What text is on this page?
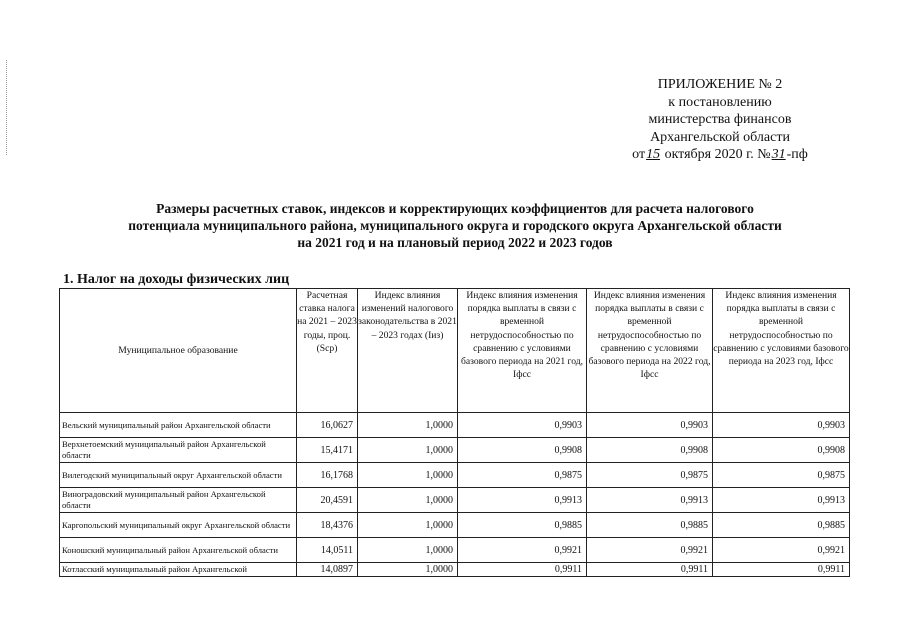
ПРИЛОЖЕНИЕ № 2
к постановлению
министерства финансов
Архангельской области
от15 октября 2020 г. №31-пф
Размеры расчетных ставок, индексов и корректирующих коэффициентов для расчета налогового
потенциала муниципального района, муниципального округа и городского округа Архангельской области
на 2021 год и на плановый период 2022 и 2023 годов
1. Налог на доходы физических лиц
Муниципальное образование	Расчетная ставка налога на 2021 – 2023 годы, проц. (Scp)	Индекс влияния изменений налогового законодательства в 2021 – 2023 годах (Iиз)	Индекс влияния изменения порядка выплаты в связи с временной нетрудоспособностью по сравнению с условиями базового периода на 2021 год, Iфсс	Индекс влияния изменения порядка выплаты в связи с временной нетрудоспособностью по сравнению с условиями базового периода на 2022 год, Iфсс	Индекс влияния изменения порядка выплаты в связи с временной нетрудоспособностью по сравнению с условиями базового периода на 2023 год, Iфсс
Вельский муниципальный район Архангельской области	16,0627	1,0000	0,9903	0,9903	0,9903
Верхнетоемский муниципальный район Архангельской области	15,4171	1,0000	0,9908	0,9908	0,9908
Вилегодский муниципальный округ Архангельской области	16,1768	1,0000	0,9875	0,9875	0,9875
Виноградовский муниципальный район Архангельской области	20,4591	1,0000	0,9913	0,9913	0,9913
Каргопольский муниципальный округ Архангельской области	18,4376	1,0000	0,9885	0,9885	0,9885
Коношский муниципальный район Архангельской области	14,0511	1,0000	0,9921	0,9921	0,9921
Котласский муниципальный район Архангельской	14,0897	1,0000	0,9911	0,9911	0,9911
